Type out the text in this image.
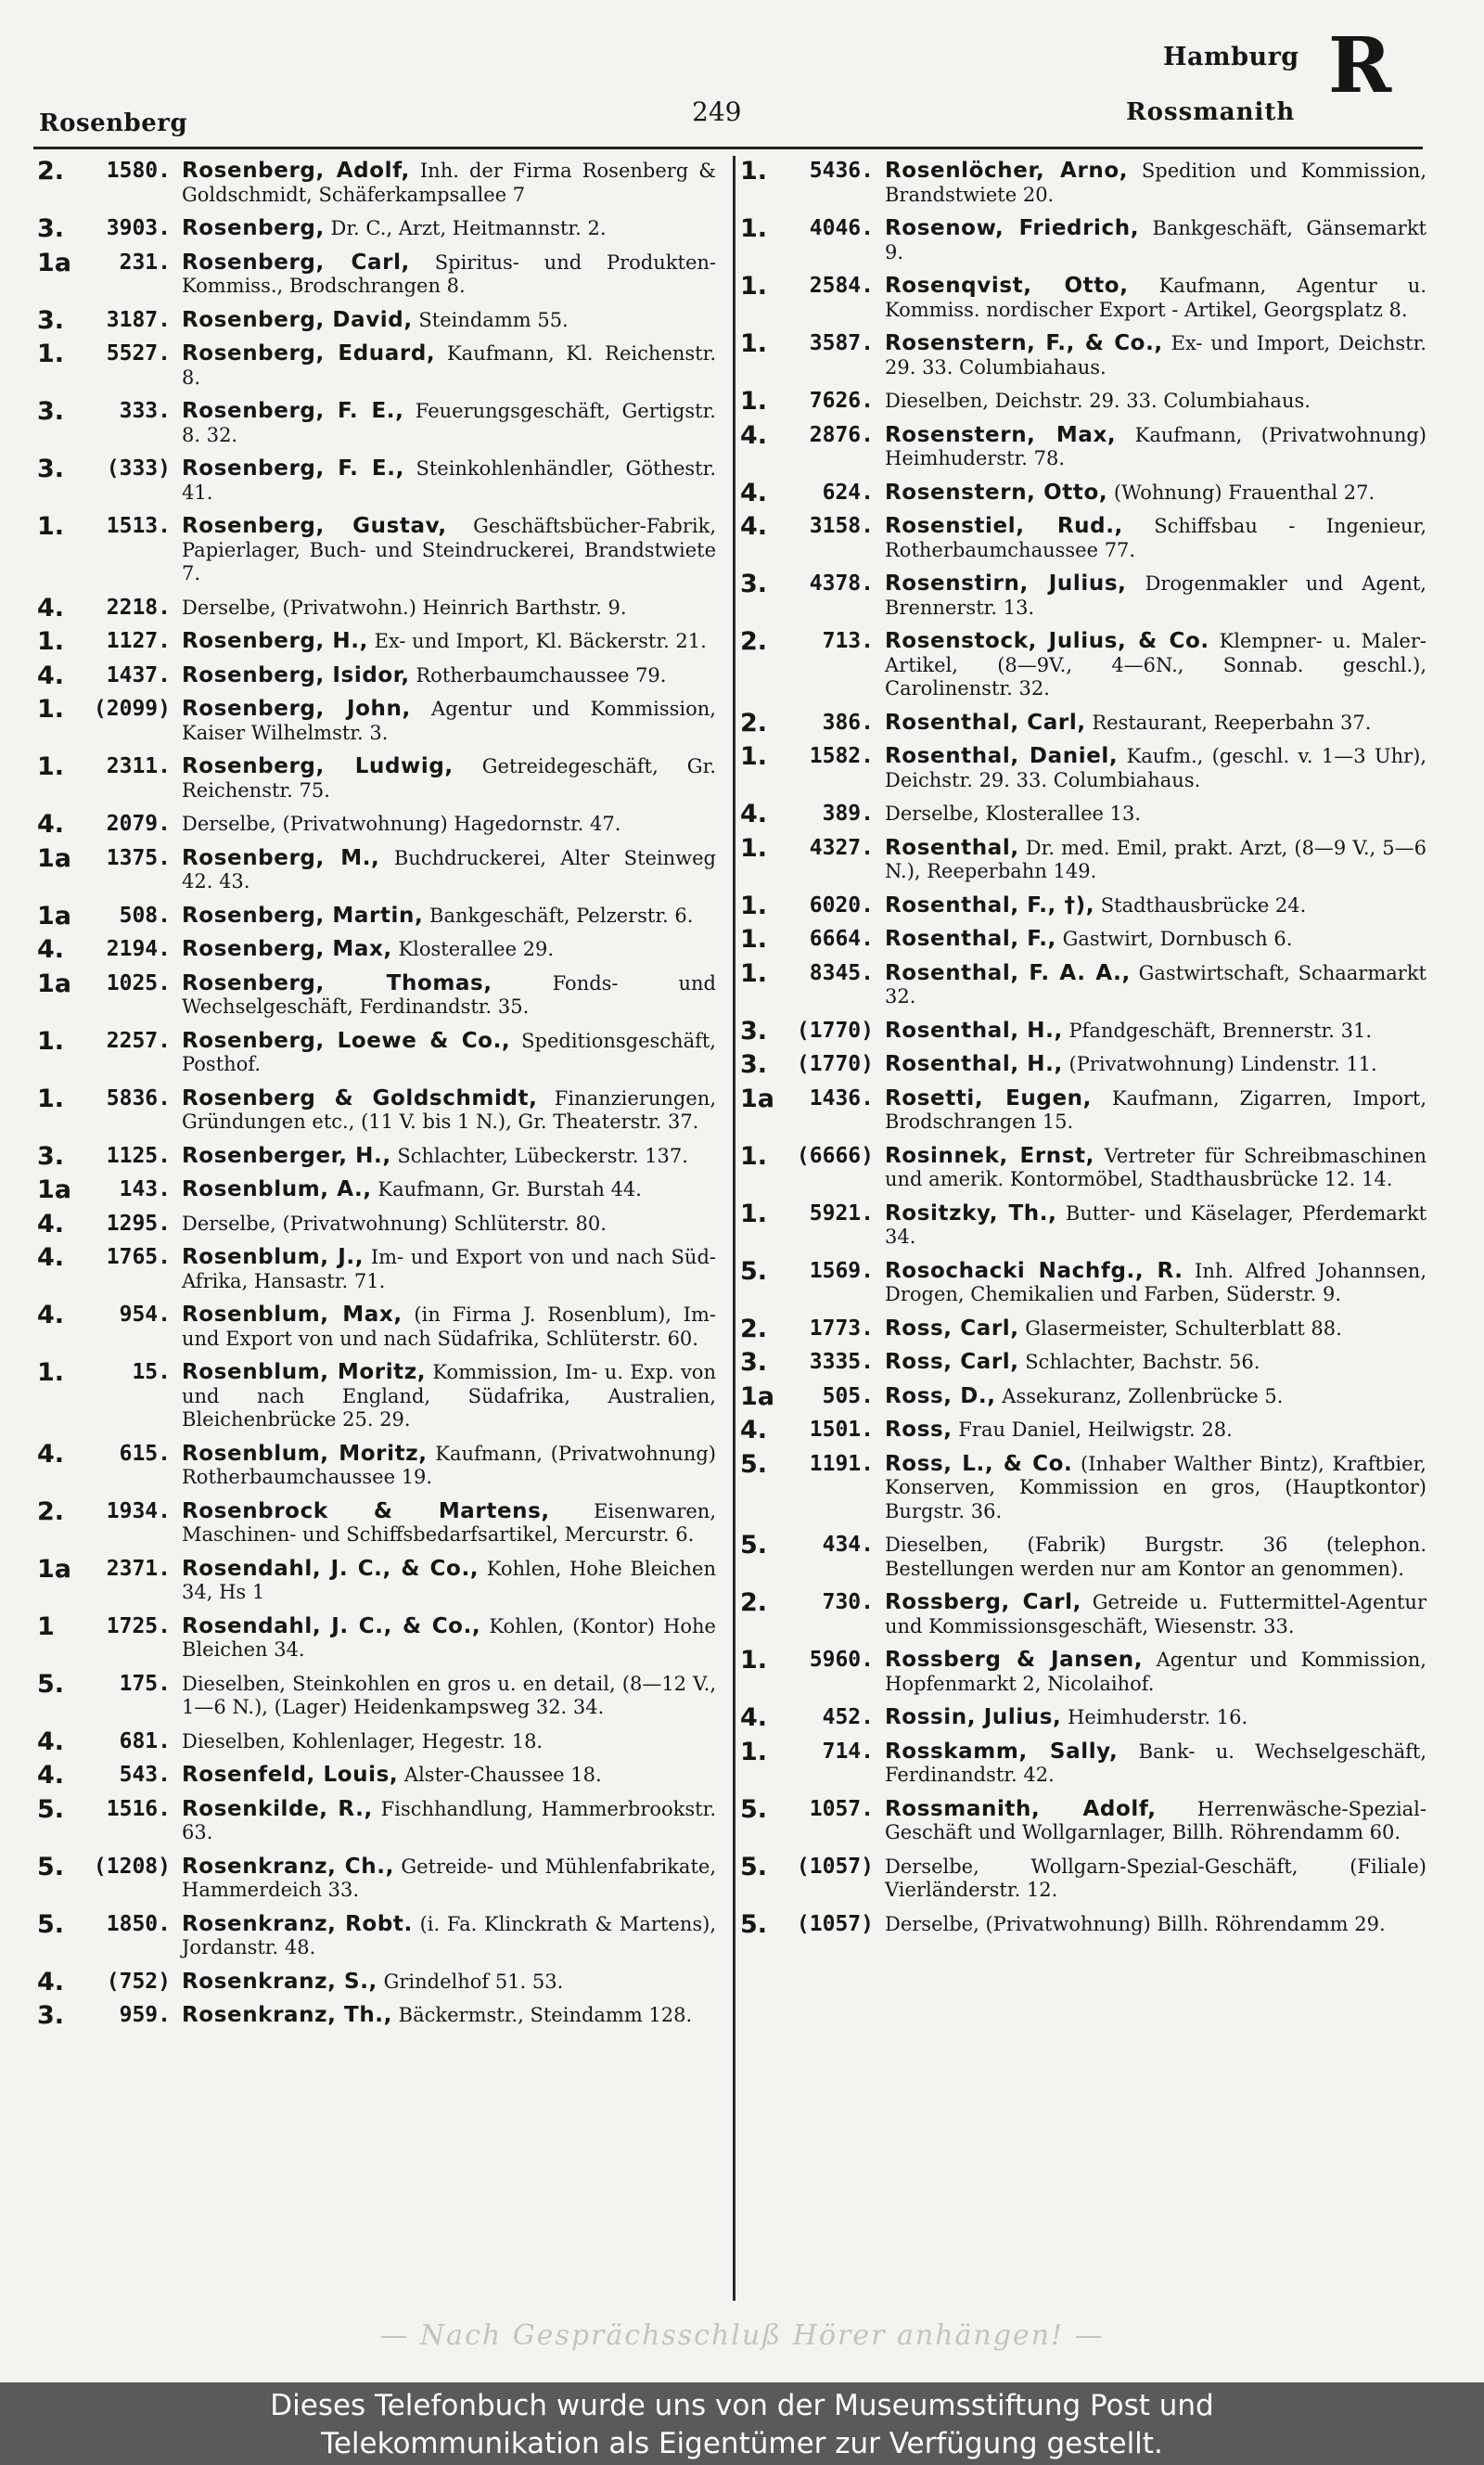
Rosenberg	249
Hamburg
Rossmanith
R
2.	1580. Rosenberg, Adolf, Inh. der Firma Rosenberg & Goldschmidt, Schäferkampsallee 7
3.	3903. Rosenberg, Dr. C., Arzt, Heitmannstr. 2.
1a	231. Rosenberg, Carl, Spiritus- und Produkten-Kommiss., Brodschrangen 8.
3.	3187. Rosenberg, David, Steindamm 55.
1.	5527. Rosenberg, Eduard, Kaufmann, Kl. Reichenstr. 8.
3.	333. Rosenberg, F. E., Feuerungsgeschäft, Gertigstr. 8. 32.
3.	(333) Rosenberg, F. E., Steinkohlenhändler, Göthestr. 41.
1.	1513. Rosenberg, Gustav, Geschäftsbücher-Fabrik, Papierlager, Buch- und Steindruckerei, Brandstwiete 7.
4.	2218. Derselbe, (Privatwohn.) Heinrich Barthstr. 9.
1.	1127. Rosenberg, H., Ex- und Import, Kl. Bäckerstr. 21.
4.	1437. Rosenberg, Isidor, Rotherbaumchaussee 79.
1.	(2099) Rosenberg, John, Agentur und Kommission, Kaiser Wilhelmstr. 3.
1.	2311. Rosenberg, Ludwig, Getreidegeschäft, Gr. Reichenstr. 75.
4.	2079. Derselbe, (Privatwohnung) Hagedornstr. 47.
1a	1375. Rosenberg, M., Buchdruckerei, Alter Steinweg 42. 43.
1a	508. Rosenberg, Martin, Bankgeschäft, Pelzerstr. 6.
4.	2194. Rosenberg, Max, Klosterallee 29.
1a	1025. Rosenberg, Thomas,	Fonds- und Wechselgeschäft, Ferdinandstr. 35.
1.	2257. Rosenberg, Loewe & Co., Speditionsgeschäft, Posthof.
1.	5836. Rosenberg & Goldschmidt, Finanzierungen, Gründungen etc., (11 V. bis 1 N.), Gr. Theaterstr. 37.
3.	1125. Rosenberger, H., Schlachter, Lübeckerstr. 137.
1a	143. Rosenblum, A., Kaufmann, Gr. Burstah 44.
4.	1295. Derselbe, (Privatwohnung) Schlüterstr. 80.
4.	1765. Rosenblum, J., Im- und Export von und nach Süd-Afrika, Hansastr. 71.
4.	954. Rosenblum, Max, (in Firma J. Rosenblum), Im- und Export von und nach Südafrika, Schlüterstr. 60.
1.	15. Rosenblum, Moritz, Kommission, Im- u. Exp. von und nach England, Südafrika, Australien, Bleichenbrücke 25. 29.
4.	615. Rosenblum, Moritz, Kaufmann, (Privatwohnung) Rotherbaumchaussee 19.
2.	1934. Rosenbrock & Martens, Eisenwaren, Maschinen- und Schiffsbedarfsartikel, Mercurstr. 6.
1a	2371. Rosendahl, J. C., & Co., Kohlen, Hohe Bleichen 34, Hs 1
1	1725. Rosendahl, J. C., & Co., Kohlen, (Kontor) Hohe Bleichen 34.
5.	175. Dieselben, Steinkohlen en gros u. en detail, (8—12 V., 1—6 N.), (Lager) Heidenkampsweg 32. 34.
4.	681. Dieselben, Kohlenlager, Hegestr. 18.
4.	543. Rosenfeld, Louis, Alster-Chaussee 18.
5.	1516. Rosenkilde, R., Fischhandlung, Hammerbrookstr. 63.
5.	(1208) Rosenkranz, Ch., Getreide- und Mühlenfabrikate, Hammerdeich 33.
5.	1850. Rosenkranz, Robt. (i. Fa. Klinckrath & Martens), Jordanstr. 48.
4.	(752) Rosenkranz, S., Grindelhof 51. 53.
3.	959. Rosenkranz, Th., Bäckermstr., Steindamm 128.
1.	5436. Rosenlöcher, Arno, Spedition und Kommission, Brandstwiete 20.
1.	4046. Rosenow, Friedrich, Bankgeschäft, Gänsemarkt 9.
1.	2584. Rosenqvist, Otto, Kaufmann, Agentur u. Kommiss. nordischer Export - Artikel, Georgsplatz 8.
1.	3587. Rosenstern, F., & Co., Ex- und Import, Deichstr. 29. 33. Columbiahaus.
1.	7626. Dieselben, Deichstr. 29. 33. Columbiahaus.
4.	2876. Rosenstern, Max, Kaufmann, (Privatwohnung) Heimhuderstr. 78.
4.	624. Rosenstern, Otto, (Wohnung) Frauenthal 27.
4.	3158. Rosenstiel, Rud., Schiffsbau - Ingenieur, Rotherbaumchaussee 77.
3.	4378. Rosenstirn, Julius, Drogenmakler und Agent, Brennerstr. 13.
2.	713. Rosenstock, Julius, & Co. Klempner- u. Maler-Artikel, (8—9V., 4—6N., Sonnab. geschl.), Carolinenstr. 32.
2.	386. Rosenthal, Carl, Restaurant, Reeperbahn 37.
1.	1582. Rosenthal, Daniel, Kaufm., (geschl. v. 1—3 Uhr), Deichstr. 29. 33. Columbiahaus.
4.	389. Derselbe, Klosterallee 13.
1.	4327. Rosenthal, Dr. med. Emil, prakt. Arzt, (8—9 V., 5—6 N.), Reeperbahn 149.
1.	6020. Rosenthal, F., †), Stadthausbrücke 24.
1.	6664. Rosenthal, F., Gastwirt, Dornbusch 6.
1.	8345. Rosenthal, F. A. A., Gastwirtschaft, Schaarmarkt 32.
3.	(1770) Rosenthal, H., Pfandgeschäft, Brennerstr. 31.
3.	(1770) Rosenthal, H., (Privatwohnung) Lindenstr. 11.
1a	1436. Rosetti, Eugen, Kaufmann, Zigarren, Import, Brodschrangen 15.
1.	(6666) Rosinnek, Ernst, Vertreter für Schreibmaschinen und amerik. Kontormöbel, Stadthausbrücke 12. 14.
1.	5921. Rositzky, Th., Butter- und Käselager, Pferdemarkt 34.
5.	1569. Rosochacki Nachfg., R. Inh. Alfred Johannsen, Drogen, Chemikalien und Farben, Süderstr. 9.
2.	1773. Ross, Carl, Glasermeister, Schulterblatt 88.
3.	3335. Ross, Carl, Schlachter, Bachstr. 56.
1a	505. Ross, D., Assekuranz, Zollenbrücke 5.
4.	1501. Ross, Frau Daniel, Heilwigstr. 28.
5.	1191. Ross, L., & Co. (Inhaber Walther Bintz), Kraftbier, Konserven, Kommission en gros, (Hauptkontor) Burgstr. 36.
5.	434. Dieselben, (Fabrik) Burgstr. 36 (telephon. Bestellungen werden nur am Kontor an genommen).
2.	730. Rossberg, Carl, Getreide u. Futtermittel-Agentur und Kommissionsgeschäft, Wiesenstr. 33.
1.	5960. Rossberg & Jansen, Agentur und Kommission, Hopfenmarkt 2, Nicolaihof.
4.	452. Rossin, Julius, Heimhuderstr. 16.
1.	714. Rosskamm, Sally, Bank- u. Wechselgeschäft, Ferdinandstr. 42.
5.	1057. Rossmanith, Adolf, Herrenwäsche-Spezial-Geschäft und Wollgarnlager, Billh. Röhrendamm 60.
5.	(1057) Derselbe, Wollgarn-Spezial-Geschäft, (Filiale) Vierländerstr. 12.
5.	(1057) Derselbe, (Privatwohnung) Billh. Röhrendamm 29.
— Nach Gesprächsschluß Hörer anhängen! —
Dieses Telefonbuch wurde uns von der Museumsstiftung Post und
Telekommunikation als Eigentümer zur Verfügung gestellt.
